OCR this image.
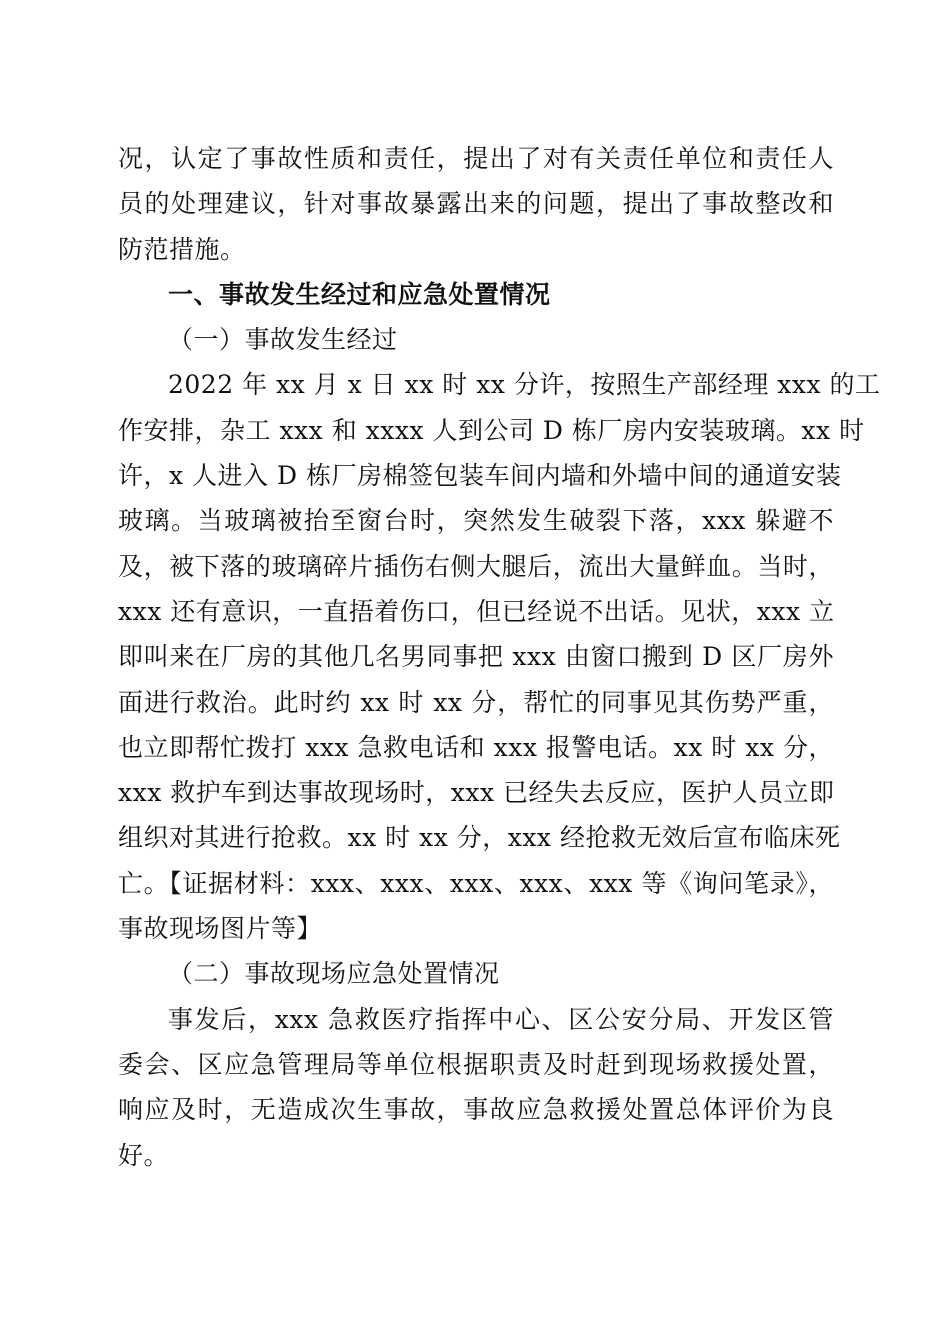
况，认定了事故性质和责任，提出了对有关责任单位和责任人
员的处理建议，针对事故暴露出来的问题，提出了事故整改和
防范措施。
一、事故发生经过和应急处置情况
（一）事故发生经过
2022 年 xx 月 x 日 xx 时 xx 分许，按照生产部经理 xxx 的工
作安排，杂工 xxx 和 xxxx 人到公司 D 栋厂房内安装玻璃。xx 时
许，x 人进入 D 栋厂房棉签包装车间内墙和外墙中间的通道安装
玻璃。当玻璃被抬至窗台时，突然发生破裂下落，xxx 躲避不
及，被下落的玻璃碎片插伤右侧大腿后，流出大量鲜血。当时，
xxx 还有意识，一直捂着伤口，但已经说不出话。见状，xxx 立
即叫来在厂房的其他几名男同事把 xxx 由窗口搬到 D 区厂房外
面进行救治。此时约 xx 时 xx 分，帮忙的同事见其伤势严重，
也立即帮忙拨打 xxx 急救电话和 xxx 报警电话。xx 时 xx 分，
xxx 救护车到达事故现场时，xxx 已经失去反应，医护人员立即
组织对其进行抢救。xx 时 xx 分，xxx 经抢救无效后宣布临床死
亡。【证据材料：xxx、xxx、xxx、xxx、xxx 等《询问笔录》，
事故现场图片等】
（二）事故现场应急处置情况
事发后，xxx 急救医疗指挥中心、区公安分局、开发区管
委会、区应急管理局等单位根据职责及时赶到现场救援处置，
响应及时，无造成次生事故，事故应急救援处置总体评价为良
好。
